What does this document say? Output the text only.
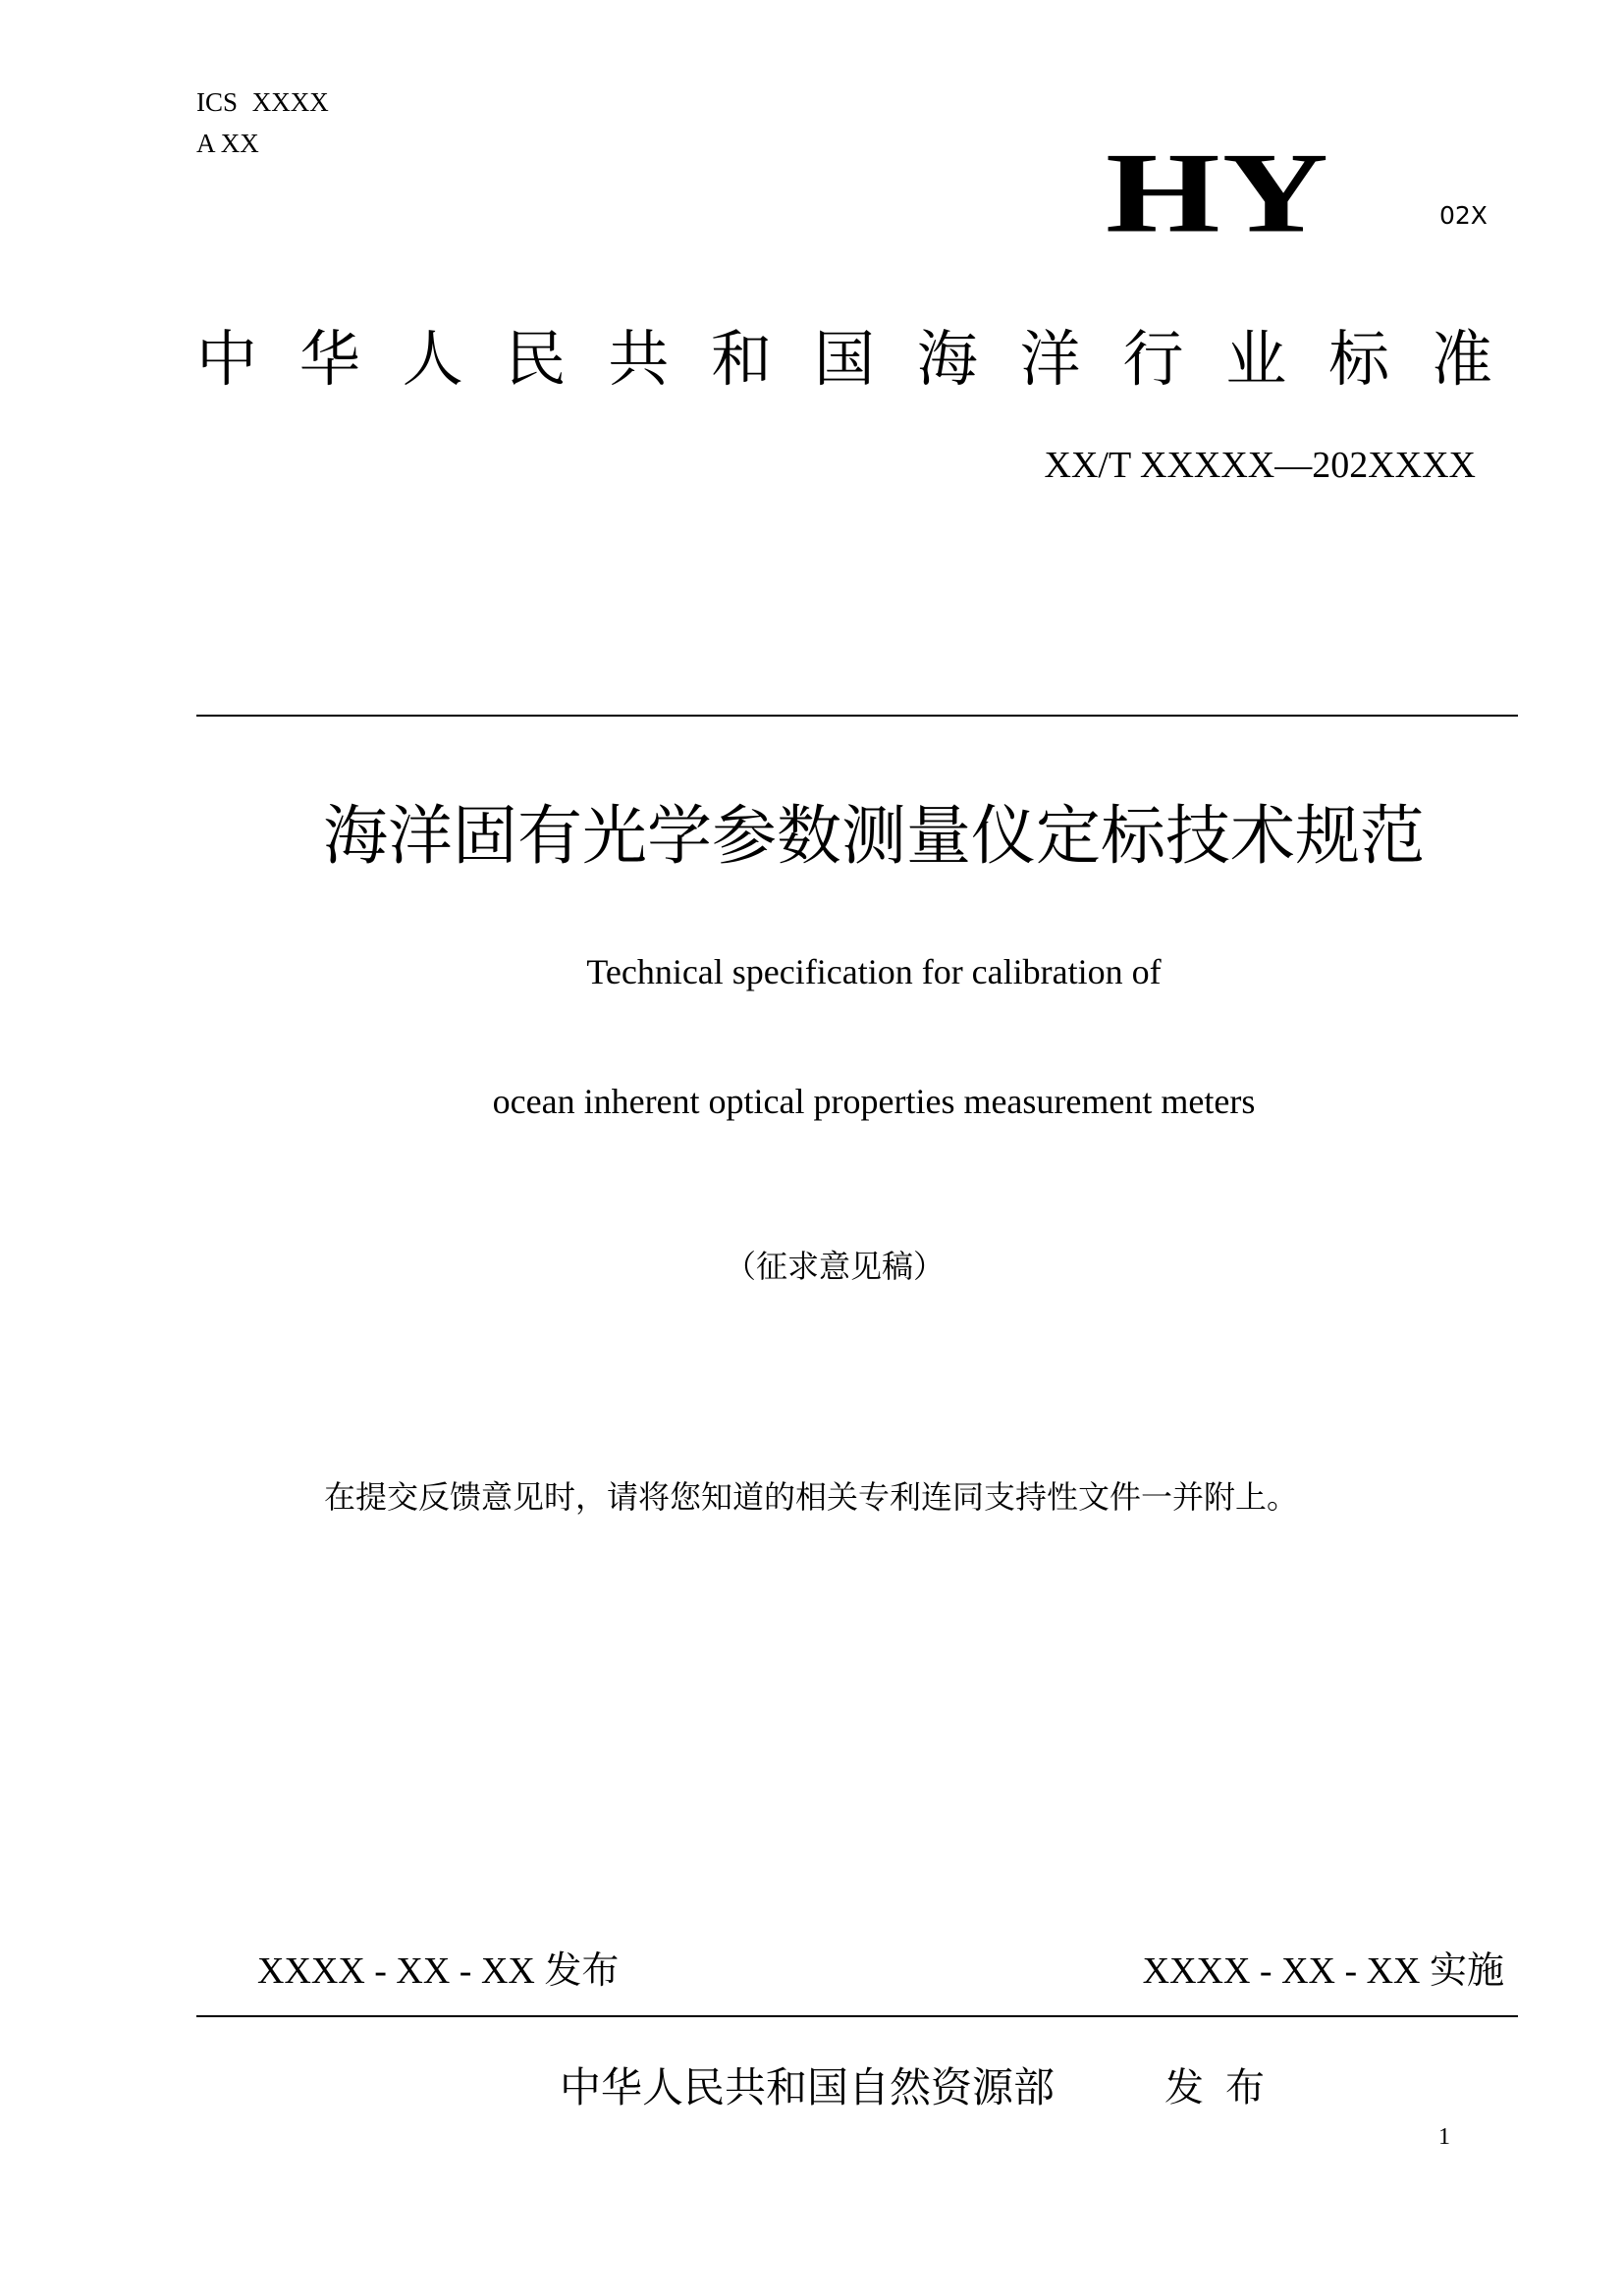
ICS XXXX
A XX	HY	02X
中 华 人 民 共 和 国 海 洋 行 业 标 准
XX/T XXXXX—202XXXX
海洋固有光学参数测量仪定标技术规范
Technical specification for calibration of
ocean inherent optical properties measurement meters
（征求意见稿）
在提交反馈意见时，请将您知道的相关专利连同支持性文件一并附上。
XXXX - XX - XX 发布	XXXX - XX - XX 实施
中华人民共和国自然资源部	发布
1
